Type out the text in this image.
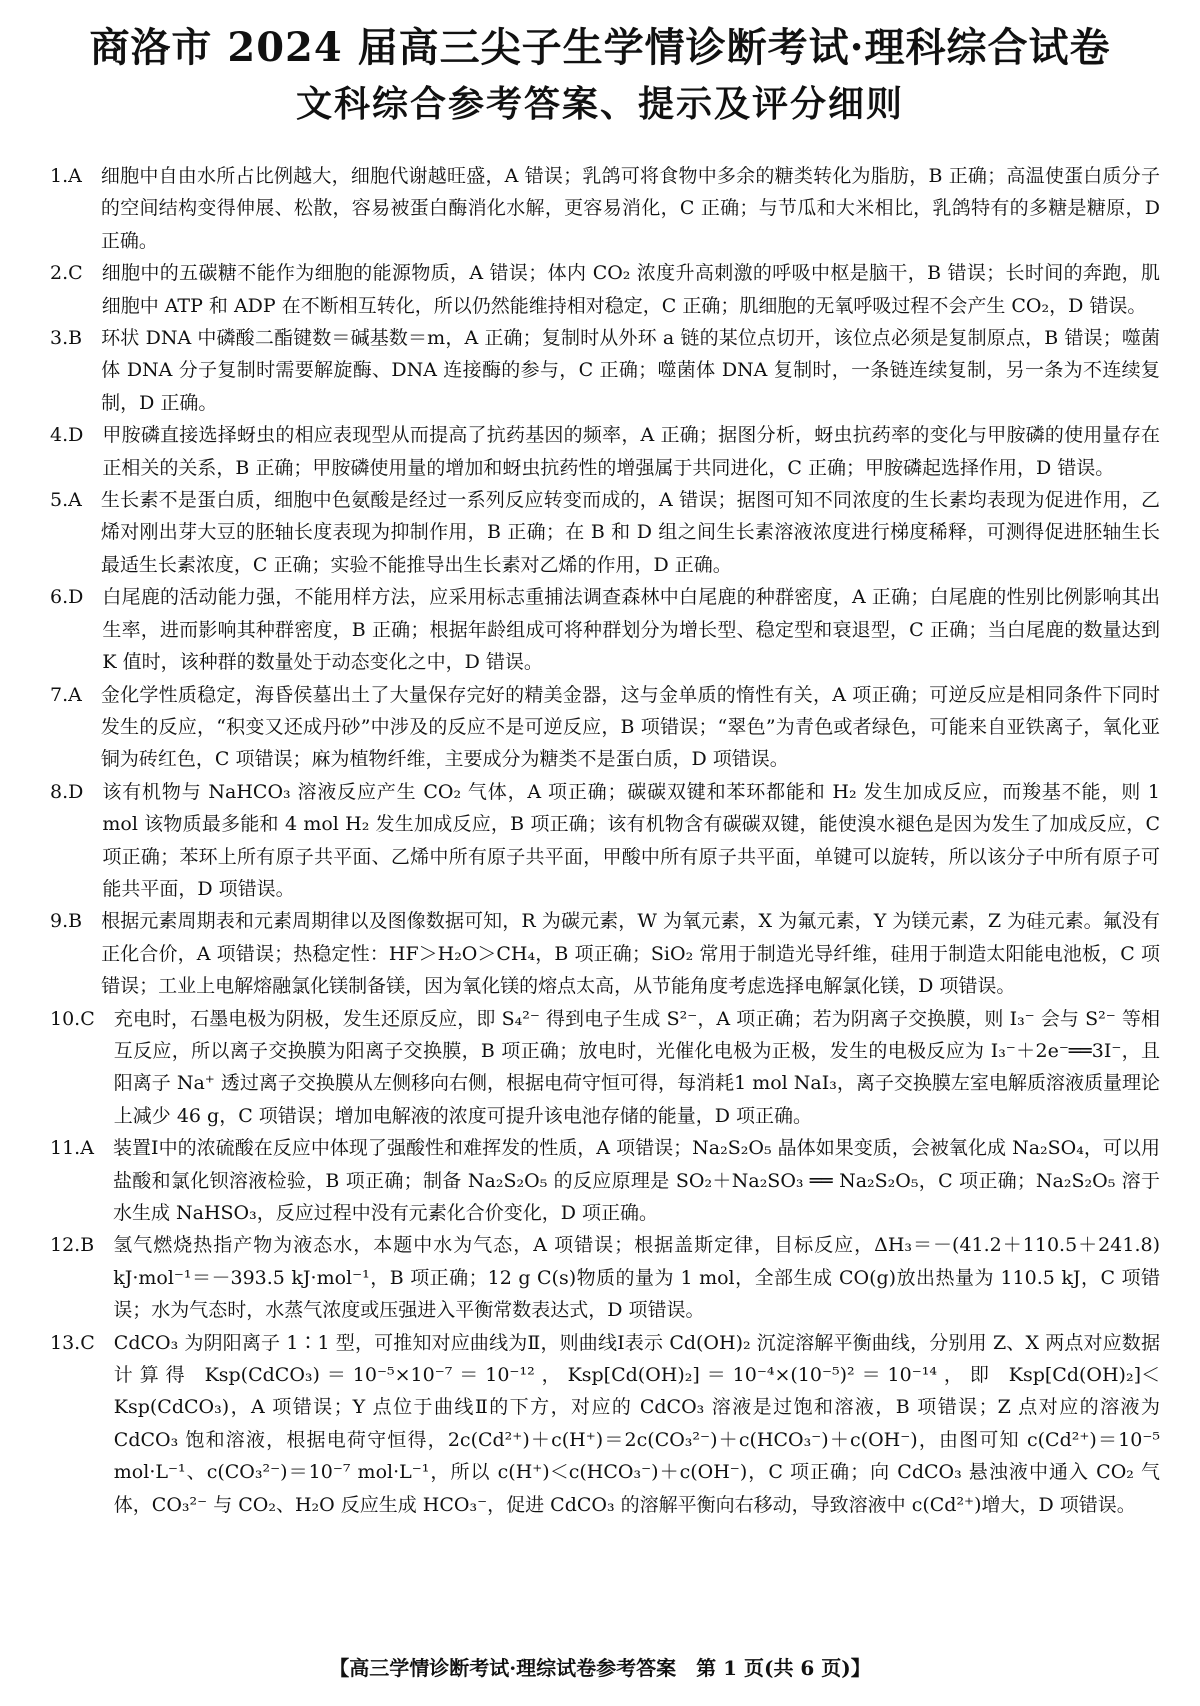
商洛市 2024 届高三尖子生学情诊断考试·理科综合试卷
文科综合参考答案、提示及评分细则
1.A　	细胞中自由水所占比例越大，细胞代谢越旺盛，A 错误；乳鸽可将食物中多余的糖类转化为脂肪，B 正确；高温使蛋白质分子的空间结构变得伸展、松散，容易被蛋白酶消化水解，更容易消化，C 正确；与节瓜和大米相比，乳鸽特有的多糖是糖原，D 正确。
2.C　	细胞中的五碳糖不能作为细胞的能源物质，A 错误；体内 CO₂ 浓度升高刺激的呼吸中枢是脑干，B 错误；长时间的奔跑，肌细胞中 ATP 和 ADP 在不断相互转化，所以仍然能维持相对稳定，C 正确；肌细胞的无氧呼吸过程不会产生 CO₂，D 错误。
3.B　	环状 DNA 中磷酸二酯键数＝碱基数＝m，A 正确；复制时从外环 a 链的某位点切开，该位点必须是复制原点，B 错误；噬菌体 DNA 分子复制时需要解旋酶、DNA 连接酶的参与，C 正确；噬菌体 DNA 复制时，一条链连续复制，另一条为不连续复制，D 正确。
4.D　	甲胺磷直接选择蚜虫的相应表现型从而提高了抗药基因的频率，A 正确；据图分析，蚜虫抗药率的变化与甲胺磷的使用量存在正相关的关系，B 正确；甲胺磷使用量的增加和蚜虫抗药性的增强属于共同进化，C 正确；甲胺磷起选择作用，D 错误。
5.A　	生长素不是蛋白质，细胞中色氨酸是经过一系列反应转变而成的，A 错误；据图可知不同浓度的生长素均表现为促进作用，乙烯对刚出芽大豆的胚轴长度表现为抑制作用，B 正确；在 B 和 D 组之间生长素溶液浓度进行梯度稀释，可测得促进胚轴生长最适生长素浓度，C 正确；实验不能推导出生长素对乙烯的作用，D 正确。
6.D　	白尾鹿的活动能力强，不能用样方法，应采用标志重捕法调查森林中白尾鹿的种群密度，A 正确；白尾鹿的性别比例影响其出生率，进而影响其种群密度，B 正确；根据年龄组成可将种群划分为增长型、稳定型和衰退型，C 正确；当白尾鹿的数量达到 K 值时，该种群的数量处于动态变化之中，D 错误。
7.A　	金化学性质稳定，海昏侯墓出土了大量保存完好的精美金器，这与金单质的惰性有关，A 项正确；可逆反应是相同条件下同时发生的反应，“积变又还成丹砂”中涉及的反应不是可逆反应，B 项错误；“翠色”为青色或者绿色，可能来自亚铁离子，氧化亚铜为砖红色，C 项错误；麻为植物纤维，主要成分为糖类不是蛋白质，D 项错误。
8.D　	该有机物与 NaHCO₃ 溶液反应产生 CO₂ 气体，A 项正确；碳碳双键和苯环都能和 H₂ 发生加成反应，而羧基不能，则 1 mol 该物质最多能和 4 mol H₂ 发生加成反应，B 项正确；该有机物含有碳碳双键，能使溴水褪色是因为发生了加成反应，C 项正确；苯环上所有原子共平面、乙烯中所有原子共平面，甲酸中所有原子共平面，单键可以旋转，所以该分子中所有原子可能共平面，D 项错误。
9.B　	根据元素周期表和元素周期律以及图像数据可知，R 为碳元素，W 为氧元素，X 为氟元素，Y 为镁元素，Z 为硅元素。氟没有正化合价，A 项错误；热稳定性：HF＞H₂O＞CH₄，B 项正确；SiO₂ 常用于制造光导纤维，硅用于制造太阳能电池板，C 项错误；工业上电解熔融氯化镁制备镁，因为氧化镁的熔点太高，从节能角度考虑选择电解氯化镁，D 项错误。
10.C　	充电时，石墨电极为阴极，发生还原反应，即 S₄²⁻ 得到电子生成 S²⁻，A 项正确；若为阴离子交换膜，则 I₃⁻ 会与 S²⁻ 等相互反应，所以离子交换膜为阳离子交换膜，B 项正确；放电时，光催化电极为正极，发生的电极反应为 I₃⁻＋2e⁻══3I⁻，且阳离子 Na⁺ 透过离子交换膜从左侧移向右侧，根据电荷守恒可得，每消耗1 mol NaI₃，离子交换膜左室电解质溶液质量理论上减少 46 g，C 项错误；增加电解液的浓度可提升该电池存储的能量，D 项正确。
11.A　	装置Ⅰ中的浓硫酸在反应中体现了强酸性和难挥发的性质，A 项错误；Na₂S₂O₅ 晶体如果变质，会被氧化成 Na₂SO₄，可以用盐酸和氯化钡溶液检验，B 项正确；制备 Na₂S₂O₅ 的反应原理是 SO₂＋Na₂SO₃ ══ Na₂S₂O₅，C 项正确；Na₂S₂O₅ 溶于水生成 NaHSO₃，反应过程中没有元素化合价变化，D 项正确。
12.B　	氢气燃烧热指产物为液态水，本题中水为气态，A 项错误；根据盖斯定律，目标反应，ΔH₃＝－(41.2＋110.5＋241.8) kJ·mol⁻¹＝－393.5 kJ·mol⁻¹，B 项正确；12 g C(s)物质的量为 1 mol，全部生成 CO(g)放出热量为 110.5 kJ，C 项错误；水为气态时，水蒸气浓度或压强进入平衡常数表达式，D 项错误。
13.C　	CdCO₃ 为阴阳离子 1∶1 型，可推知对应曲线为Ⅱ，则曲线Ⅰ表示 Cd(OH)₂ 沉淀溶解平衡曲线，分别用 Z、X 两点对应数据计算得 Ksp(CdCO₃)＝10⁻⁵×10⁻⁷＝10⁻¹²，Ksp[Cd(OH)₂]＝10⁻⁴×(10⁻⁵)²＝10⁻¹⁴，即 Ksp[Cd(OH)₂]＜Ksp(CdCO₃)，A 项错误；Y 点位于曲线Ⅱ的下方，对应的 CdCO₃ 溶液是过饱和溶液，B 项错误；Z 点对应的溶液为 CdCO₃ 饱和溶液，根据电荷守恒得，2c(Cd²⁺)＋c(H⁺)＝2c(CO₃²⁻)＋c(HCO₃⁻)＋c(OH⁻)，由图可知 c(Cd²⁺)＝10⁻⁵ mol·L⁻¹、c(CO₃²⁻)＝10⁻⁷ mol·L⁻¹，所以 c(H⁺)＜c(HCO₃⁻)＋c(OH⁻)，C 项正确；向 CdCO₃ 悬浊液中通入 CO₂ 气体，CO₃²⁻ 与 CO₂、H₂O 反应生成 HCO₃⁻，促进 CdCO₃ 的溶解平衡向右移动，导致溶液中 c(Cd²⁺)增大，D 项错误。
【高三学情诊断考试·理综试卷参考答案　第 1 页(共 6 页)】
